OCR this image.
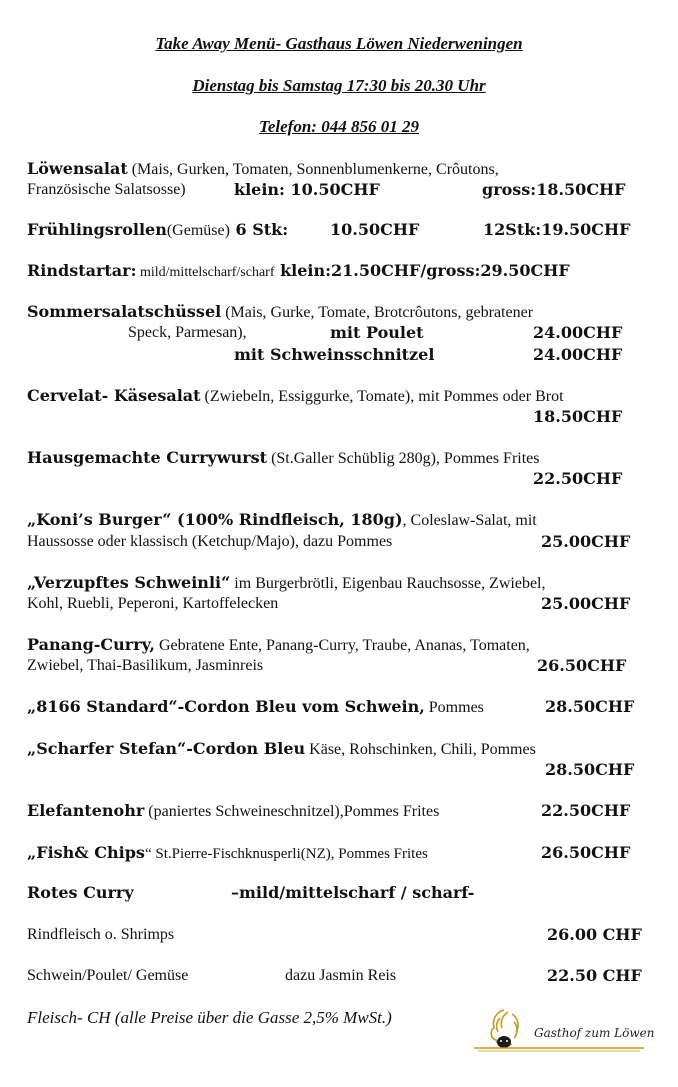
Take Away Menü- Gasthaus Löwen Niederweningen
Dienstag bis Samstag 17:30 bis 20.30 Uhr
Telefon: 044 856 01 29
Löwensalat (Mais, Gurken, Tomaten, Sonnenblumenkerne, Crôutons,
Französische Salatsosse)	klein: 10.50CHF	gross:18.50CHF
Frühlingsrollen(Gemüse) 6 Stk:	10.50CHF	12Stk:19.50CHF
Rindstartar: mild/mittelscharf/scharf klein:21.50CHF/gross:29.50CHF
Sommersalatschüssel (Mais, Gurke, Tomate, Brotcrôutons, gebratener
Speck, Parmesan),	mit Poulet	24.00CHF
mit Schweinsschnitzel	24.00CHF
Cervelat- Käsesalat (Zwiebeln, Essiggurke, Tomate), mit Pommes oder Brot
18.50CHF
Hausgemachte Currywurst (St.Galler Schüblig 280g), Pommes Frites
22.50CHF
„Koni’s Burger“ (100% Rindfleisch, 180g), Coleslaw-Salat, mit
Haussosse oder klassisch (Ketchup/Majo), dazu Pommes	25.00CHF
„Verzupftes Schweinli“ im Burgerbrötli, Eigenbau Rauchsosse, Zwiebel,
Kohl, Ruebli, Peperoni, Kartoffelecken	25.00CHF
Panang-Curry, Gebratene Ente, Panang-Curry, Traube, Ananas, Tomaten,
Zwiebel, Thai-Basilikum, Jasminreis	26.50CHF
„8166 Standard“-Cordon Bleu vom Schwein, Pommes	28.50CHF
„Scharfer Stefan“-Cordon Bleu Käse, Rohschinken, Chili, Pommes
28.50CHF
Elefantenohr (paniertes Schweineschnitzel),Pommes Frites	22.50CHF
„Fish& Chips“ St.Pierre-Fischknusperli(NZ), Pommes Frites	26.50CHF
Rotes Curry	–mild/mittelscharf / scharf-
Rindfleisch o. Shrimps	26.00 CHF
Schwein/Poulet/ Gemüse	dazu Jasmin Reis	22.50 CHF
Fleisch- CH (alle Preise über die Gasse 2,5% MwSt.)
Gasthof zum Löwen
